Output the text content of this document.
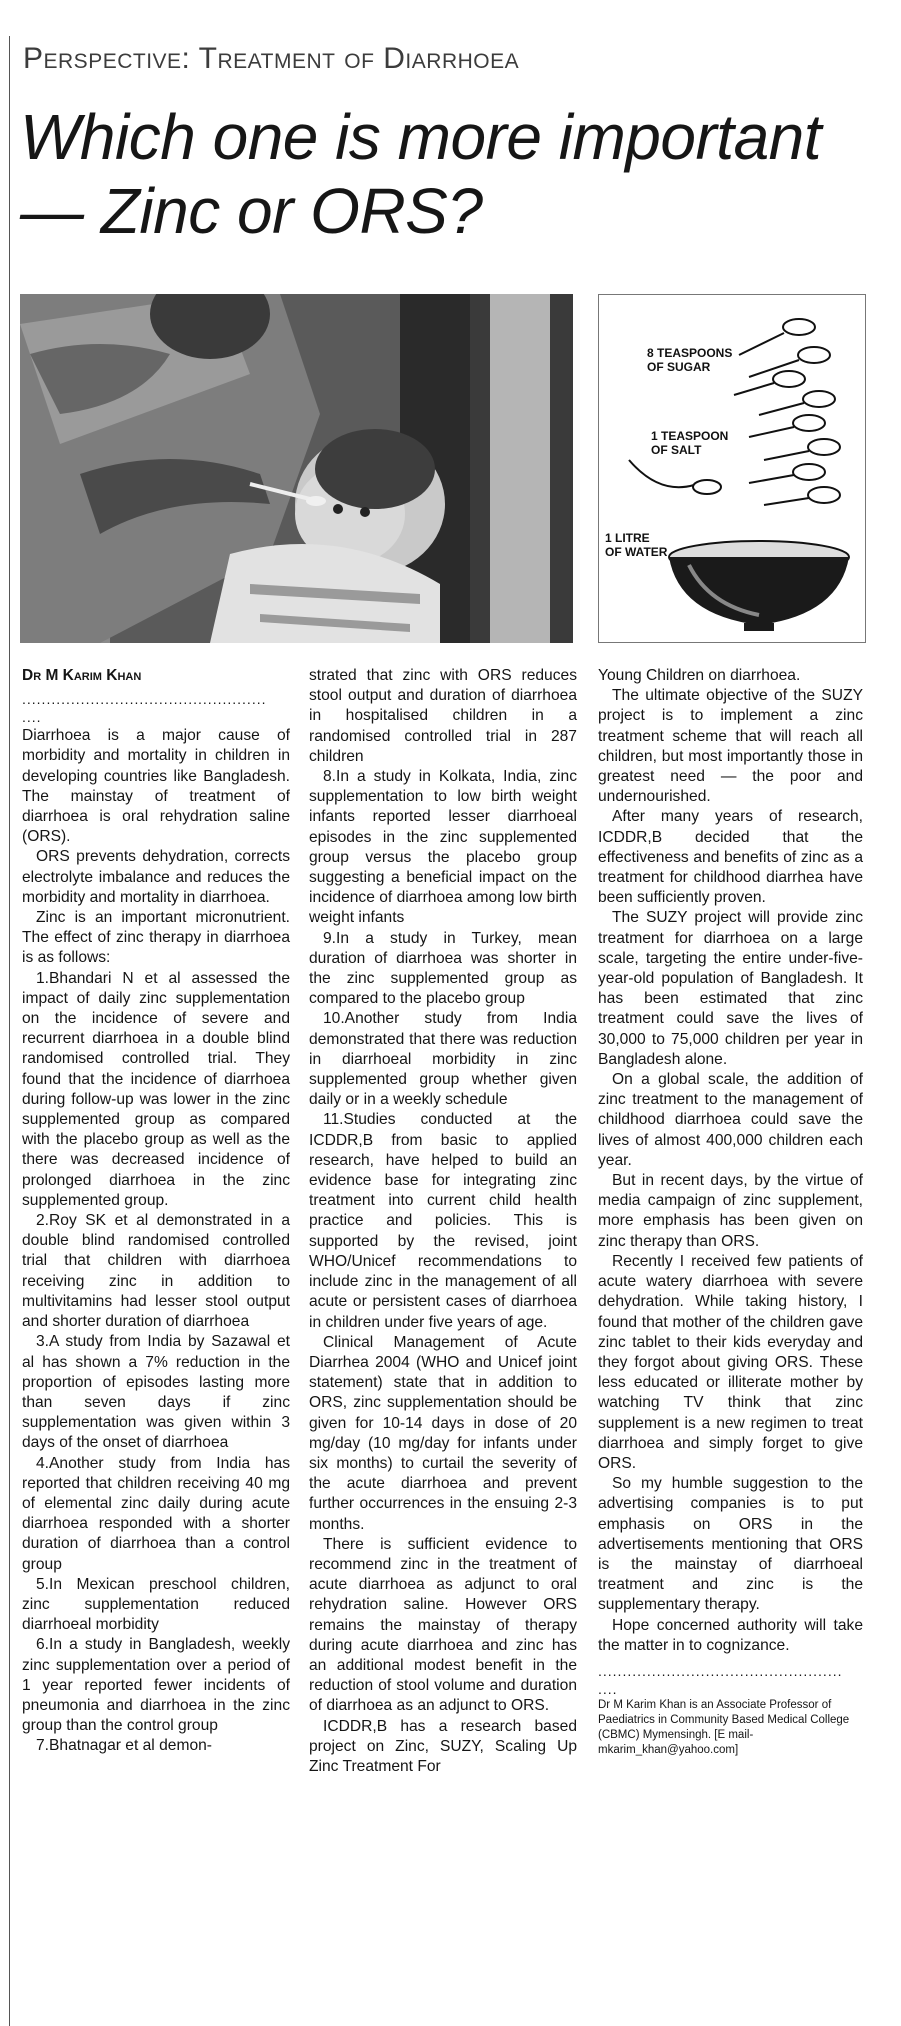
Perspective: Treatment of Diarrhoea
Which one is more important
— Zinc or ORS?
8 TEASPOONS
OF SUGAR
1 TEASPOON
OF SALT
1 LITRE
OF WATER
Dr M Karim Khan
..................................................
....

Diarrhoea is a major cause of morbidity and mortality in children in developing countries like Bangladesh. The mainstay of treatment of diarrhoea is oral rehydration saline (ORS).

ORS prevents dehydration, corrects electrolyte imbalance and reduces the morbidity and mortality in diarrhoea.

Zinc is an important micronutrient. The effect of zinc therapy in diarrhoea is as follows:

1.Bhandari N et al assessed the impact of daily zinc supplementation on the incidence of severe and recurrent diarrhoea in a double blind randomised controlled trial. They found that the incidence of diarrhoea during follow-up was lower in the zinc supplemented group as compared with the placebo group as well as the there was decreased incidence of prolonged diarrhoea in the zinc supplemented group.

2.Roy SK et al demonstrated in a double blind randomised controlled trial that children with diarrhoea receiving zinc in addition to multivitamins had lesser stool output and shorter duration of diarrhoea

3.A study from India by Sazawal et al has shown a 7% reduction in the proportion of episodes lasting more than seven days if zinc supplementation was given within 3 days of the onset of diarrhoea

4.Another study from India has reported that children receiving 40 mg of elemental zinc daily during acute diarrhoea responded with a shorter duration of diarrhoea than a control group

5.In Mexican preschool children, zinc supplementation reduced diarrhoeal morbidity

6.In a study in Bangladesh, weekly zinc supplementation over a period of 1 year reported fewer incidents of pneumonia and diarrhoea in the zinc group than the control group

7.Bhatnagar et al demon-

strated that zinc with ORS reduces stool output and duration of diarrhoea in hospitalised children in a randomised controlled trial in 287 children

8.In a study in Kolkata, India, zinc supplementation to low birth weight infants reported lesser diarrhoeal episodes in the zinc supplemented group versus the placebo group suggesting a beneficial impact on the incidence of diarrhoea among low birth weight infants

9.In a study in Turkey, mean duration of diarrhoea was shorter in the zinc supplemented group as compared to the placebo group

10.Another study from India demonstrated that there was reduction in diarrhoeal morbidity in zinc supplemented group whether given daily or in a weekly schedule

11.Studies conducted at the ICDDR,B from basic to applied research, have helped to build an evidence base for integrating zinc treatment into current child health practice and policies. This is supported by the revised, joint WHO/Unicef recommendations to include zinc in the management of all acute or persistent cases of diarrhoea in children under five years of age.

Clinical Management of Acute Diarrhea 2004 (WHO and Unicef joint statement) state that in addition to ORS, zinc supplementation should be given for 10-14 days in dose of 20 mg/day (10 mg/day for infants under six months) to curtail the severity of the acute diarrhoea and prevent further occurrences in the ensuing 2-3 months.

There is sufficient evidence to recommend zinc in the treatment of acute diarrhoea as adjunct to oral rehydration saline. However ORS remains the mainstay of therapy during acute diarrhoea and zinc has an additional modest benefit in the reduction of stool volume and duration of diarrhoea as an adjunct to ORS.

ICDDR,B has a research based project on Zinc, SUZY, Scaling Up Zinc Treatment For

Young Children on diarrhoea.

The ultimate objective of the SUZY project is to implement a zinc treatment scheme that will reach all children, but most importantly those in greatest need — the poor and undernourished.

After many years of research, ICDDR,B decided that the effectiveness and benefits of zinc as a treatment for childhood diarrhea have been sufficiently proven.

The SUZY project will provide zinc treatment for diarrhoea on a large scale, targeting the entire under-five-year-old population of Bangladesh. It has been estimated that zinc treatment could save the lives of 30,000 to 75,000 children per year in Bangladesh alone.

On a global scale, the addition of zinc treatment to the management of childhood diarrhoea could save the lives of almost 400,000 children each year.

But in recent days, by the virtue of media campaign of zinc supplement, more emphasis has been given on zinc therapy than ORS.

Recently I received few patients of acute watery diarrhoea with severe dehydration. While taking history, I found that mother of the children gave zinc tablet to their kids everyday and they forgot about giving ORS. These less educated or illiterate mother by watching TV think that zinc supplement is a new regimen to treat diarrhoea and simply forget to give ORS.

So my humble suggestion to the advertising companies is to put emphasis on ORS in the advertisements mentioning that ORS is the mainstay of diarrhoeal treatment and zinc is the supplementary therapy.

Hope concerned authority will take the matter in to cognizance.

..................................................
....
Dr M Karim Khan is an Associate Professor of Paediatrics in Community Based Medical College (CBMC) Mymensingh. [E mail- mkarim_khan@yahoo.com]
